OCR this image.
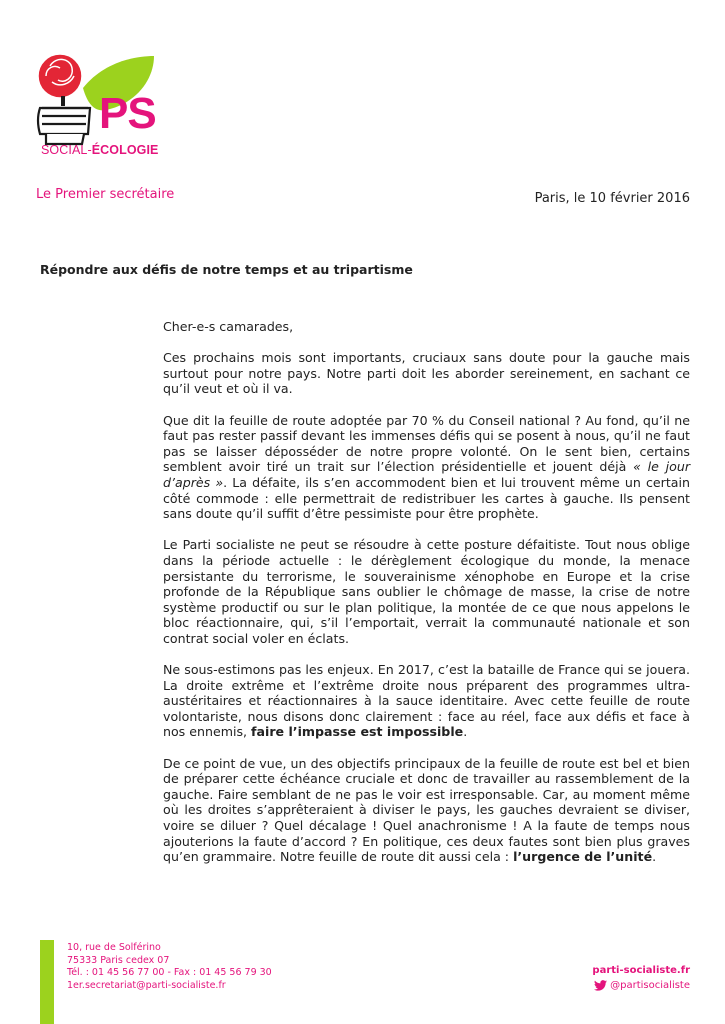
PS
SOCIAL-ÉCOLOGIE
Le Premier secrétaire	Paris, le 10 février 2016
Répondre aux défis de notre temps et au tripartisme

Cher-e-s camarades,

Ces prochains mois sont importants, cruciaux sans doute pour la gauche mais surtout pour notre pays. Notre parti doit les aborder sereinement, en sachant ce qu’il veut et où il va.

Que dit la feuille de route adoptée par 70 % du Conseil national ? Au fond, qu’il ne faut pas rester passif devant les immenses défis qui se posent à nous, qu’il ne faut pas se laisser déposséder de notre propre volonté. On le sent bien, certains semblent avoir tiré un trait sur l’élection présidentielle et jouent déjà « le jour d’après ». La défaite, ils s’en accommodent bien et lui trouvent même un certain côté commode : elle permettrait de redistribuer les cartes à gauche. Ils pensent sans doute qu’il suffit d’être pessimiste pour être prophète.

Le Parti socialiste ne peut se résoudre à cette posture défaitiste. Tout nous oblige dans la période actuelle : le dérèglement écologique du monde, la menace persistante du terrorisme, le souverainisme xénophobe en Europe et la crise profonde de la République sans oublier le chômage de masse, la crise de notre système productif ou sur le plan politique, la montée de ce que nous appelons le bloc réactionnaire, qui, s’il l’emportait, verrait la communauté nationale et son contrat social voler en éclats.

Ne sous-estimons pas les enjeux. En 2017, c’est la bataille de France qui se jouera. La droite extrême et l’extrême droite nous préparent des programmes ultra-austéritaires et réactionnaires à la sauce identitaire. Avec cette feuille de route volontariste, nous disons donc clairement : face au réel, face aux défis et face à nos ennemis, faire l’impasse est impossible.

De ce point de vue, un des objectifs principaux de la feuille de route est bel et bien de préparer cette échéance cruciale et donc de travailler au rassemblement de la gauche. Faire semblant de ne pas le voir est irresponsable. Car, au moment même où les droites s’apprêteraient à diviser le pays, les gauches devraient se diviser, voire se diluer ? Quel décalage ! Quel anachronisme ! A la faute de temps nous ajouterions la faute d’accord ? En politique, ces deux fautes sont bien plus graves qu’en grammaire. Notre feuille de route dit aussi cela : l’urgence de l’unité.

10, rue de Solférino
75333 Paris cedex 07
Tél. : 01 45 56 77 00 - Fax : 01 45 56 79 30
1er.secretariat@parti-socialiste.fr
parti-socialiste.fr
@partisocialiste
